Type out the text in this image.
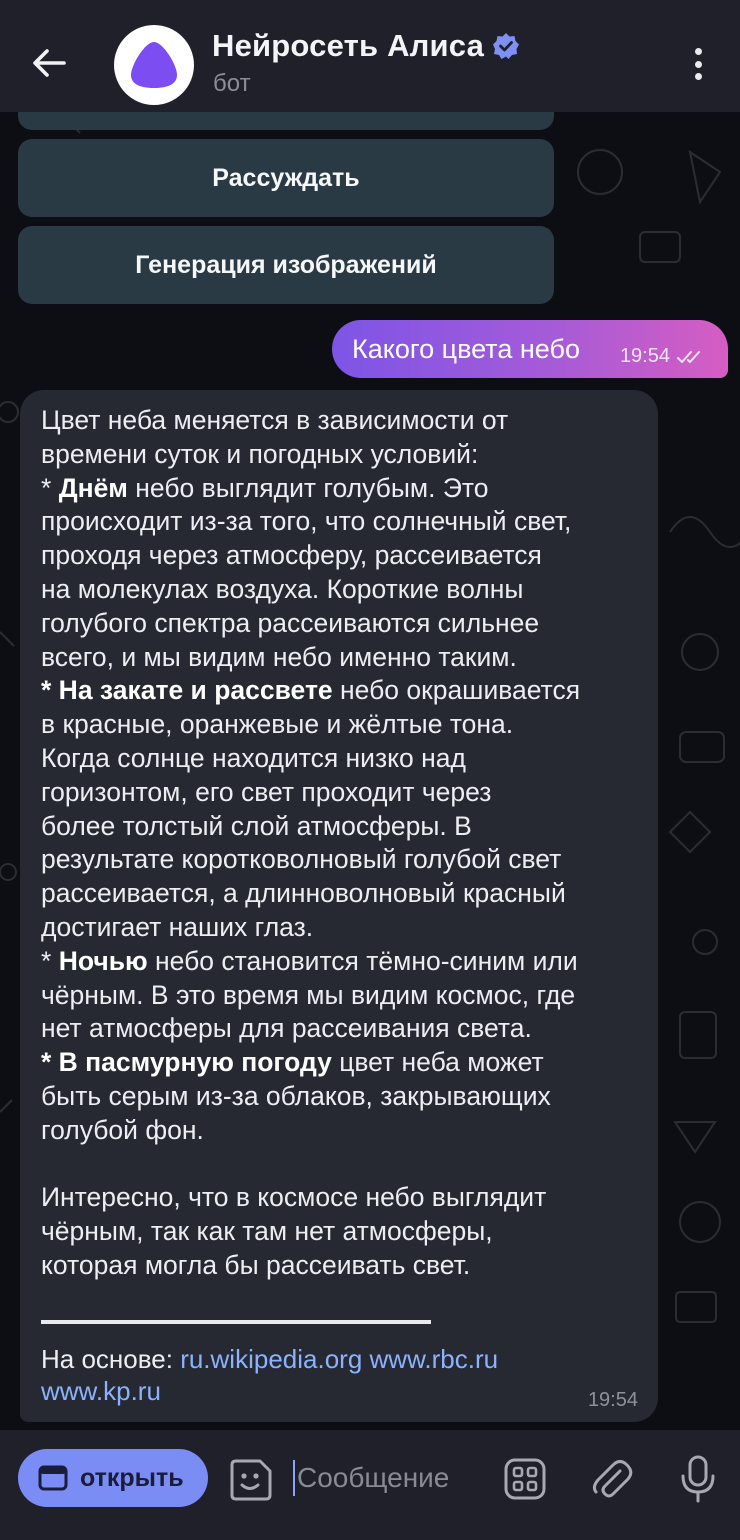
Нейросеть Алиса
бот
Рассуждать
Генерация изображений
Какого цвета небо 19:54

Цвет неба меняется в зависимости от

времени суток и погодных условий:

* Днём небо выглядит голубым. Это

происходит из-за того, что солнечный свет,

проходя через атмосферу, рассеивается

на молекулах воздуха. Короткие волны

голубого спектра рассеиваются сильнее

всего, и мы видим небо именно таким.

* На закате и рассвете небо окрашивается

в красные, оранжевые и жёлтые тона.

Когда солнце находится низко над

горизонтом, его свет проходит через

более толстый слой атмосферы. В

результате коротковолновый голубой свет

рассеивается, а длинноволновый красный

достигает наших глаз.

* Ночью небо становится тёмно-синим или

чёрным. В это время мы видим космос, где

нет атмосферы для рассеивания света.

* В пасмурную погоду цвет неба может

быть серым из-за облаков, закрывающих

голубой фон.

Интересно, что в космосе небо выглядит

чёрным, так как там нет атмосферы,

которая могла бы рассеивать свет.

На основе: ru.wikipedia.org www.rbc.ru
www.kp.ru	19:54
открыть
Сообщение
